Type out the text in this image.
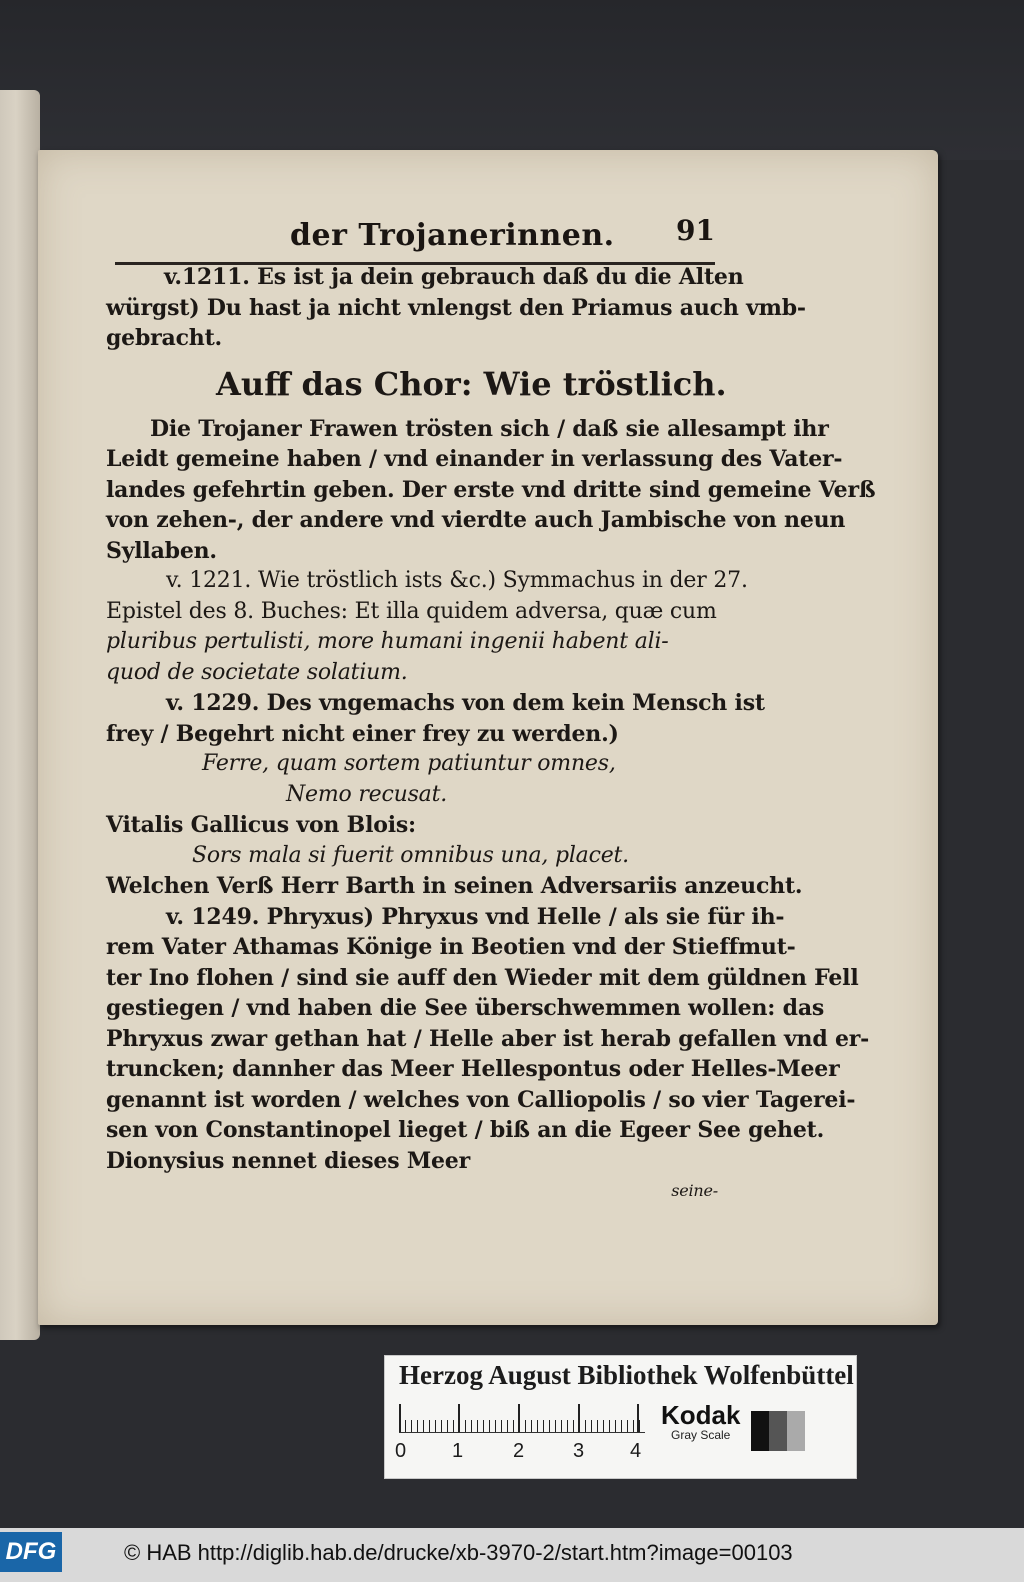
der Trojanerinnen. 91
v.1211. Es ist ja dein gebrauch daß du die Alten
würgst) Du hast ja nicht vnlengst den Priamus auch vmb-
gebracht.
Auff das Chor: Wie tröstlich.
Die Trojaner Frawen trösten sich / daß sie allesampt ihr
Leidt gemeine haben / vnd einander in verlassung des Vater-
landes gefehrtin geben. Der erste vnd dritte sind gemeine Verß
von zehen-, der andere vnd vierdte auch Jambische von neun
Syllaben.
v. 1221. Wie tröstlich ists &c.) Symmachus in der 27.
Epistel des 8. Buches: Et illa quidem adversa, quæ cum
pluribus pertulisti, more humani ingenii habent ali-
quod de societate solatium.
v. 1229. Des vngemachs von dem kein Mensch ist
frey / Begehrt nicht einer frey zu werden.)
Ferre, quam sortem patiuntur omnes,
Nemo recusat.
Vitalis Gallicus von Blois:
Sors mala si fuerit omnibus una, placet.
Welchen Verß Herr Barth in seinen Adversariis anzeucht.
v. 1249. Phryxus) Phryxus vnd Helle / als sie für ih-
rem Vater Athamas Könige in Beotien vnd der Stieffmut-
ter Ino flohen / sind sie auff den Wieder mit dem güldnen Fell
gestiegen / vnd haben die See überschwemmen wollen: das
Phryxus zwar gethan hat / Helle aber ist herab gefallen vnd er-
truncken; dannher das Meer Hellespontus oder Helles-Meer
genannt ist worden / welches von Calliopolis / so vier Tagerei-
sen von Constantinopel lieget / biß an die Egeer See gehet.
Dionysius nennet dieses Meer
seine-
Herzog August Bibliothek Wolfenbüttel
0 1 2 3 4
Kodak
Gray Scale
DFG	© HAB http://diglib.hab.de/drucke/xb-3970-2/start.htm?image=00103
